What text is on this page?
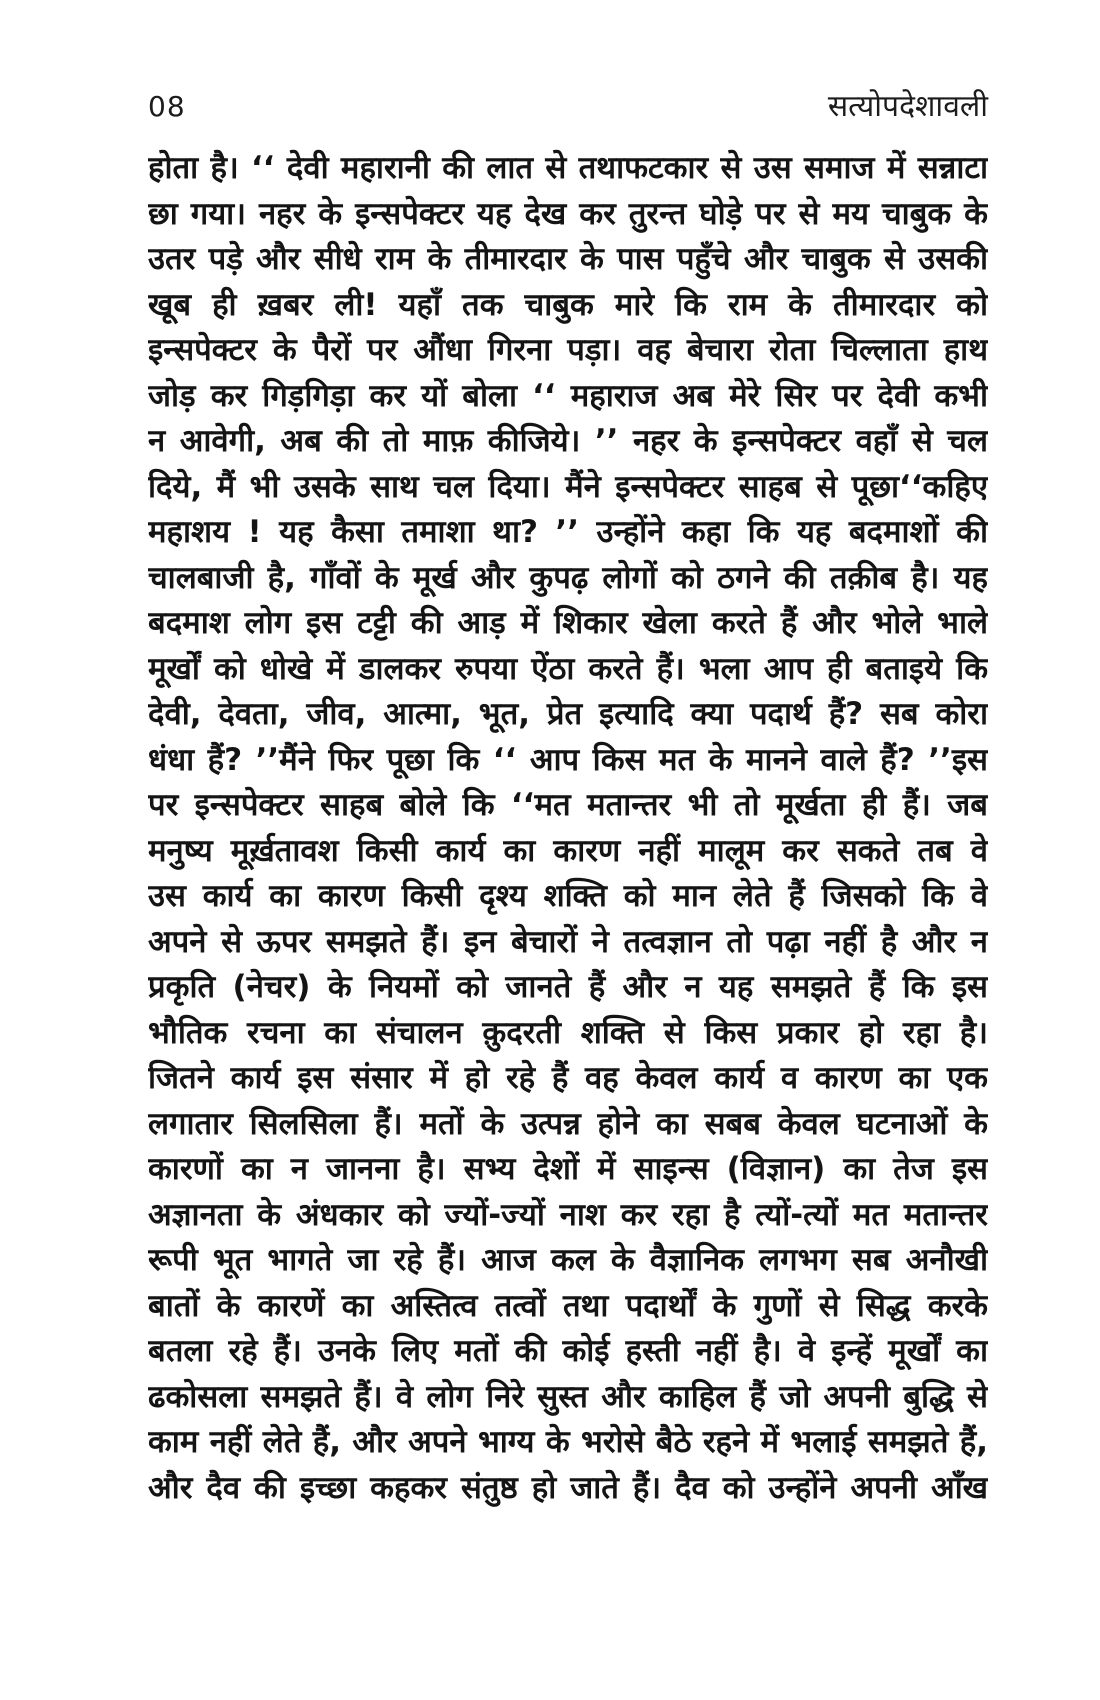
08	सत्योपदेशावली
होता है। ‘‘ देवी महारानी की लात से तथाफटकार से उस समाज में सन्नाटा
छा गया। नहर के इन्सपेक्टर यह देख कर तुरन्त घोड़े पर से मय चाबुक के
उतर पड़े और सीधे राम के तीमारदार के पास पहुँचे और चाबुक से उसकी
खूब ही ख़बर ली! यहाँ तक चाबुक मारे कि राम के तीमारदार को
इन्सपेक्टर के पैरों पर औंधा गिरना पड़ा। वह बेचारा रोता चिल्लाता हाथ
जोड़ कर गिड़गिड़ा कर यों बोला ‘‘ महाराज अब मेरे सिर पर देवी कभी
न आवेगी, अब की तो माफ़ कीजिये। ’’ नहर के इन्सपेक्टर वहाँ से चल
दिये, मैं भी उसके साथ चल दिया। मैंने इन्सपेक्टर साहब से पूछा‘‘कहिए
महाशय ! यह कैसा तमाशा था? ’’ उन्होंने कहा कि यह बदमाशों की
चालबाजी है, गाँवों के मूर्ख और कुपढ़ लोगों को ठगने की तक़ीब है। यह
बदमाश लोग इस टट्टी की आड़ में शिकार खेला करते हैं और भोले भाले
मूर्खों को धोखे में डालकर रुपया ऐंठा करते हैं। भला आप ही बताइये कि
देवी, देवता, जीव, आत्मा, भूत, प्रेत इत्यादि क्या पदार्थ हैं? सब कोरा
धंधा हैं? ’’मैंने फिर पूछा कि ‘‘ आप किस मत के मानने वाले हैं? ’’इस
पर इन्सपेक्टर साहब बोले कि ‘‘मत मतान्तर भी तो मूर्खता ही हैं। जब
मनुष्य मूर्ख़तावश किसी कार्य का कारण नहीं मालूम कर सकते तब वे
उस कार्य का कारण किसी दृश्य शक्ति को मान लेते हैं जिसको कि वे
अपने से ऊपर समझते हैं। इन बेचारों ने तत्वज्ञान तो पढ़ा नहीं है और न
प्रकृति (नेचर) के नियमों को जानते हैं और न यह समझते हैं कि इस
भौतिक रचना का संचालन क़ुदरती शक्ति से किस प्रकार हो रहा है।
जितने कार्य इस संसार में हो रहे हैं वह केवल कार्य व कारण का एक
लगातार सिलसिला हैं। मतों के उत्पन्न होने का सबब केवल घटनाओं के
कारणों का न जानना है। सभ्य देशों में साइन्स (विज्ञान) का तेज इस
अज्ञानता के अंधकार को ज्यों-ज्यों नाश कर रहा है त्यों-त्यों मत मतान्तर
रूपी भूत भागते जा रहे हैं। आज कल के वैज्ञानिक लगभग सब अनौखी
बातों के कारणें का अस्तित्व तत्वों तथा पदार्थों के गुणों से सिद्ध करके
बतला रहे हैं। उनके लिए मतों की कोई हस्ती नहीं है। वे इन्हें मूर्खों का
ढकोसला समझते हैं। वे लोग निरे सुस्त और काहिल हैं जो अपनी बुद्धि से
काम नहीं लेते हैं, और अपने भाग्य के भरोसे बैठे रहने में भलाई समझते हैं,
और दैव की इच्छा कहकर संतुष्ठ हो जाते हैं। दैव को उन्होंने अपनी आँख
